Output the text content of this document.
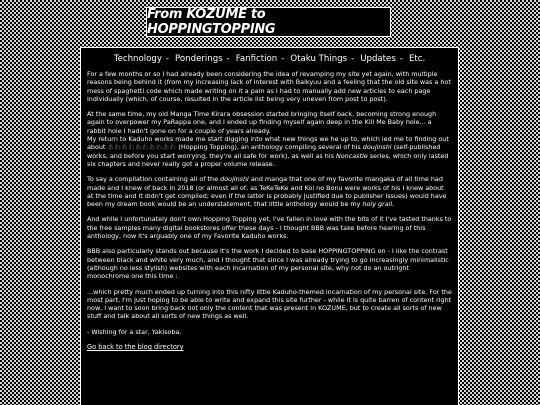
From KOZUME to HOPPINGTOPPING
Technology - Ponderings - Fanfiction - Otaku Things - Updates - Etc.

For a few months or so I had already been considering the idea of revamping my site yet again, with multiple reasons being behind it (from my increasing lack of interest with Baikyuu and a feeling that the old site was a hot mess of spaghetti code which made writing on it a pain as I had to manually add new articles to each page individually (which, of course, resulted in the article list being very uneven from post to post).

At the same time, my old Manga Time Kirara obsession started bringing itself back, becoming strong enough again to overpower my PaRappa one, and I ended up finding myself again deep in the Kill Me Baby hole... a rabbit hole I hadn't gone on for a couple of years already.
My return to Kaduho works made me start digging into what new things we he up to, which led me to finding out about あわあわあわあわあわ (Hopping Topping), an anthology compiling several of his doujinshi (self-published works, and before you start worrying, they're all safe for work), as well as his Noncastle series, which only lasted six chapters and never really got a proper volume release.

To say a compilation containing all of the doujinshi and manga that one of my favorite mangaka of all time had made and I knew of back in 2018 (or almost all of, as TeKeTeKe and Koi no Bonu were works of his I knew about at the time and it didn't get compiled; even if the latter is probably justified due to publisher issues) would have been my dream book would be an understatement, that little anthology would be my holy grail.

And while I unfortunately don't own Hopping Topping yet, I've fallen in love with the bits of it I've tasted thanks to the free samples many digital bookstores offer these days - I thought BBB was take before hearing of this anthology, now it's arguably one of my Favorite Kaduho works.

BBB also particularly stands out because it's the work I decided to base HOPPINGTOPPING on - I like the contrast between black and white very much, and I thought that since I was already trying to go increasingly minimalistic (although no less stylish) websites with each incarnation of my personal site, why not do an outright monochrome one this time :

...which pretty much ended up turning into this nifty little Kaduho-themed incarnation of my personal site. For the most part, I'm just hoping to be able to write and expand this site further - while it is quite barren of content right now, I want to soon bring back not only the content that was present in KOZUME, but to create all sorts of new stuff and talk about all sorts of new things as well.

- Wishing for a star, Yakisoba.

Go back to the blog directory
